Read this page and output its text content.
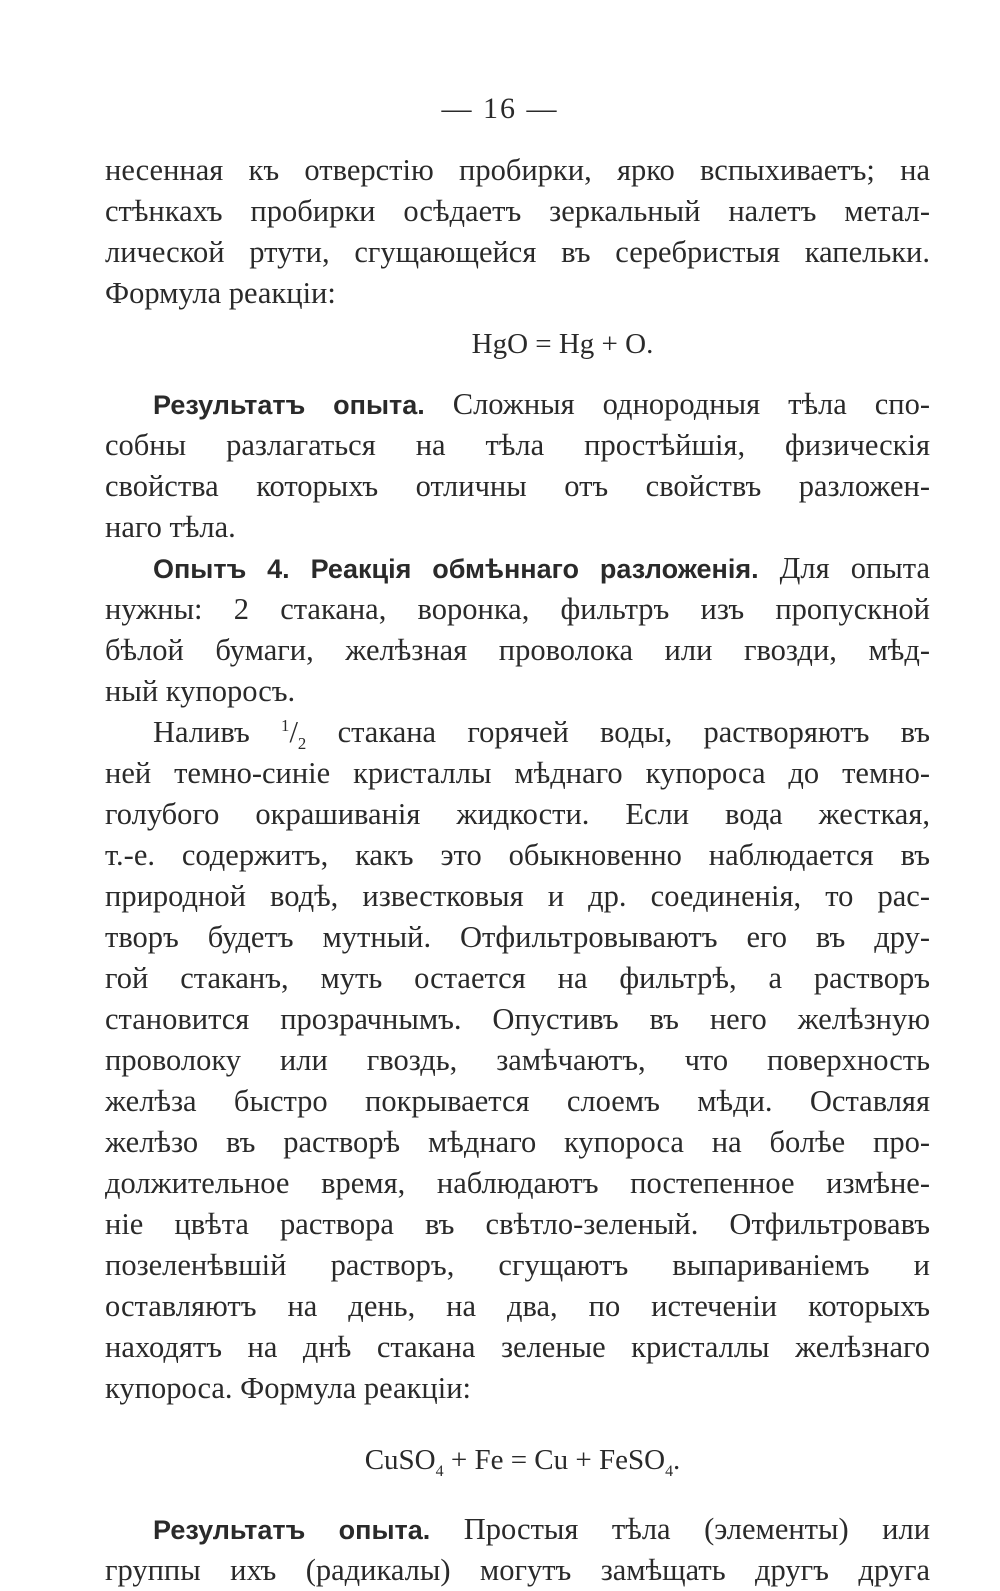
— 16 —
несенная къ отверстію пробирки, ярко вспыхиваетъ; на
стѣнкахъ пробирки осѣдаетъ зеркальный налетъ метал-
лической ртути, сгущающейся въ серебристыя капельки.
Формула реакціи:
HgO = Hg + O.
Результатъ опыта. Сложныя однородныя тѣла спо-
собны разлагаться на тѣла простѣйшія, физическія
свойства которыхъ отличны отъ свойствъ разложен-
наго тѣла.
Опытъ 4. Реакція обмѣннаго разложенія. Для опыта
нужны: 2 стакана, воронка, фильтръ изъ пропускной
бѣлой бумаги, желѣзная проволока или гвозди, мѣд-
ный купоросъ.
Наливъ $^1/_2$ стакана горячей воды, растворяютъ въ
ней темно-синіе кристаллы мѣднаго купороса до темно-
голубого окрашиванія жидкости. Если вода жесткая,
т.-е. содержитъ, какъ это обыкновенно наблюдается въ
природной водѣ, известковыя и др. соединенія, то рас-
творъ будетъ мутный. Отфильтровываютъ его въ дру-
гой стаканъ, муть остается на фильтрѣ, а растворъ
становится прозрачнымъ. Опустивъ въ него желѣзную
проволоку или гвоздь, замѣчаютъ, что поверхность
желѣза быстро покрывается слоемъ мѣди. Оставляя
желѣзо въ растворѣ мѣднаго купороса на болѣе про-
должительное время, наблюдаютъ постепенное измѣне-
ніе цвѣта раствора въ свѣтло-зеленый. Отфильтровавъ
позеленѣвшій растворъ, сгущаютъ выпариваніемъ и
оставляютъ на день, на два, по истеченіи которыхъ
находятъ на днѣ стакана зеленые кристаллы желѣзнаго
купороса. Формула реакціи:
CuSO$_4$ + Fe = Cu + FeSO$_4$.
Результатъ опыта. Простыя тѣла (элементы) или
группы ихъ (радикалы) могутъ замѣщать другъ друга
